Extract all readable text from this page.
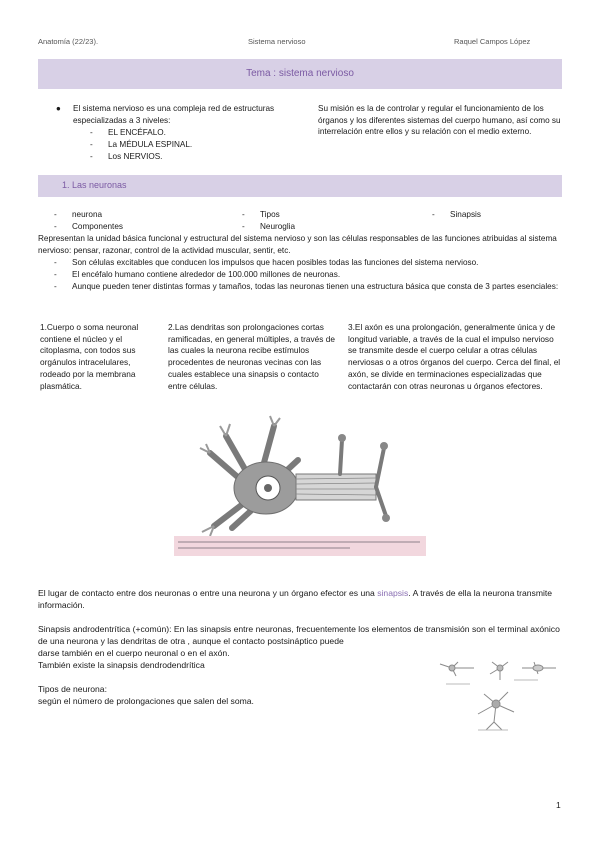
Anatomía (22/23).	Sistema nervioso	Raquel Campos López
Tema : sistema nervioso
● El sistema nervioso es una compleja red de estructuras especializadas a 3 niveles:
- EL ENCÉFALO.
- La MÉDULA ESPINAL.
- Los NERVIOS.
Su misión es la de controlar y regular el funcionamiento de los órganos y los diferentes sistemas del cuerpo humano, así como su interrelación entre ellos y su relación con el medio externo.
1. Las neuronas
- neurona
- Componentes
- Tipos
- Neuroglia
- Sinapsis
Representan la unidad básica funcional y estructural del sistema nervioso y son las células responsables de las funciones atribuidas al sistema nervioso: pensar, razonar, control de la actividad muscular, sentir, etc.
- Son células excitables que conducen los impulsos que hacen posibles todas las funciones del sistema nervioso.
- El encéfalo humano contiene alrededor de 100.000 millones de neuronas.
- Aunque pueden tener distintas formas y tamaños, todas las neuronas tienen una estructura básica que consta de 3 partes esenciales:
1.Cuerpo o soma neuronal contiene el núcleo y el citoplasma, con todos sus orgánulos intracelulares, rodeado por la membrana plasmática.
2.Las dendritas son prolongaciones cortas ramificadas, en general múltiples, a través de las cuales la neurona recibe estímulos procedentes de neuronas vecinas con las cuales establece una sinapsis o contacto entre células.
3.El axón es una prolongación, generalmente única y de longitud variable, a través de la cual el impulso nervioso se transmite desde el cuerpo celular a otras células nerviosas o a otros órganos del cuerpo. Cerca del final, el axón, se divide en terminaciones especializadas que contactarán con otras neuronas u órganos efectores.
El lugar de contacto entre dos neuronas o entre una neurona y un órgano efector es una sinapsis. A través de ella la neurona transmite información.
Sinapsis androdentrítica (+común): En las sinapsis entre neuronas, frecuentemente los elementos de transmisión son el terminal axónico de una neurona y las dendritas de otra , aunque el contacto postsináptico puede
darse también en el cuerpo neuronal o en el axón.
También existe la sinapsis dendrodendrítica
Tipos de neurona:
según el número de prolongaciones que salen del soma.
1
